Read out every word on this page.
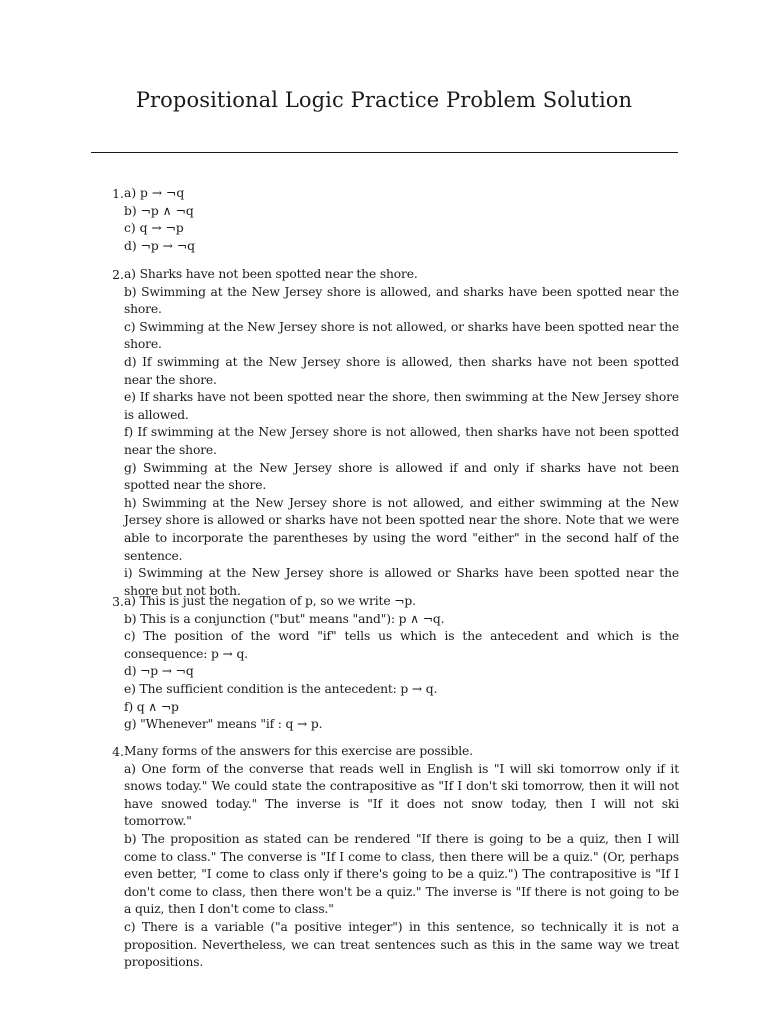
Propositional Logic Practice Problem Solution
1. a) p → ¬q
b) ¬p ∧ ¬q
c) q → ¬p
d) ¬p → ¬q
2. a) Sharks have not been spotted near the shore.
b) Swimming at the New Jersey shore is allowed, and sharks have been spotted near the shore.
c) Swimming at the New Jersey shore is not allowed, or sharks have been spotted near the shore.
d) If swimming at the New Jersey shore is allowed, then sharks have not been spotted near the shore.
e) If sharks have not been spotted near the shore, then swimming at the New Jersey shore is allowed.
f) If swimming at the New Jersey shore is not allowed, then sharks have not been spotted near the shore.
g) Swimming at the New Jersey shore is allowed if and only if sharks have not been spotted near the shore.
h) Swimming at the New Jersey shore is not allowed, and either swimming at the New Jersey shore is allowed or sharks have not been spotted near the shore. Note that we were able to incorporate the parentheses by using the word "either" in the second half of the sentence.
i) Swimming at the New Jersey shore is allowed or Sharks have been spotted near the shore but not both.
3. a) This is just the negation of p, so we write ¬p.
b) This is a conjunction ("but" means "and"): p ∧ ¬q.
c) The position of the word "if" tells us which is the antecedent and which is the consequence: p → q.
d) ¬p → ¬q
e) The sufficient condition is the antecedent: p → q.
f) q ∧ ¬p
g) "Whenever" means "if : q → p.
4. Many forms of the answers for this exercise are possible.
a) One form of the converse that reads well in English is "I will ski tomorrow only if it snows today." We could state the contrapositive as "If I don't ski tomorrow, then it will not have snowed today." The inverse is "If it does not snow today, then I will not ski tomorrow."
b) The proposition as stated can be rendered "If there is going to be a quiz, then I will come to class." The converse is "If I come to class, then there will be a quiz." (Or, perhaps even better, "I come to class only if there's going to be a quiz.") The contrapositive is "If I don't come to class, then there won't be a quiz." The inverse is "If there is not going to be a quiz, then I don't come to class."
c) There is a variable ("a positive integer") in this sentence, so technically it is not a proposition. Nevertheless, we can treat sentences such as this in the same way we treat propositions.
